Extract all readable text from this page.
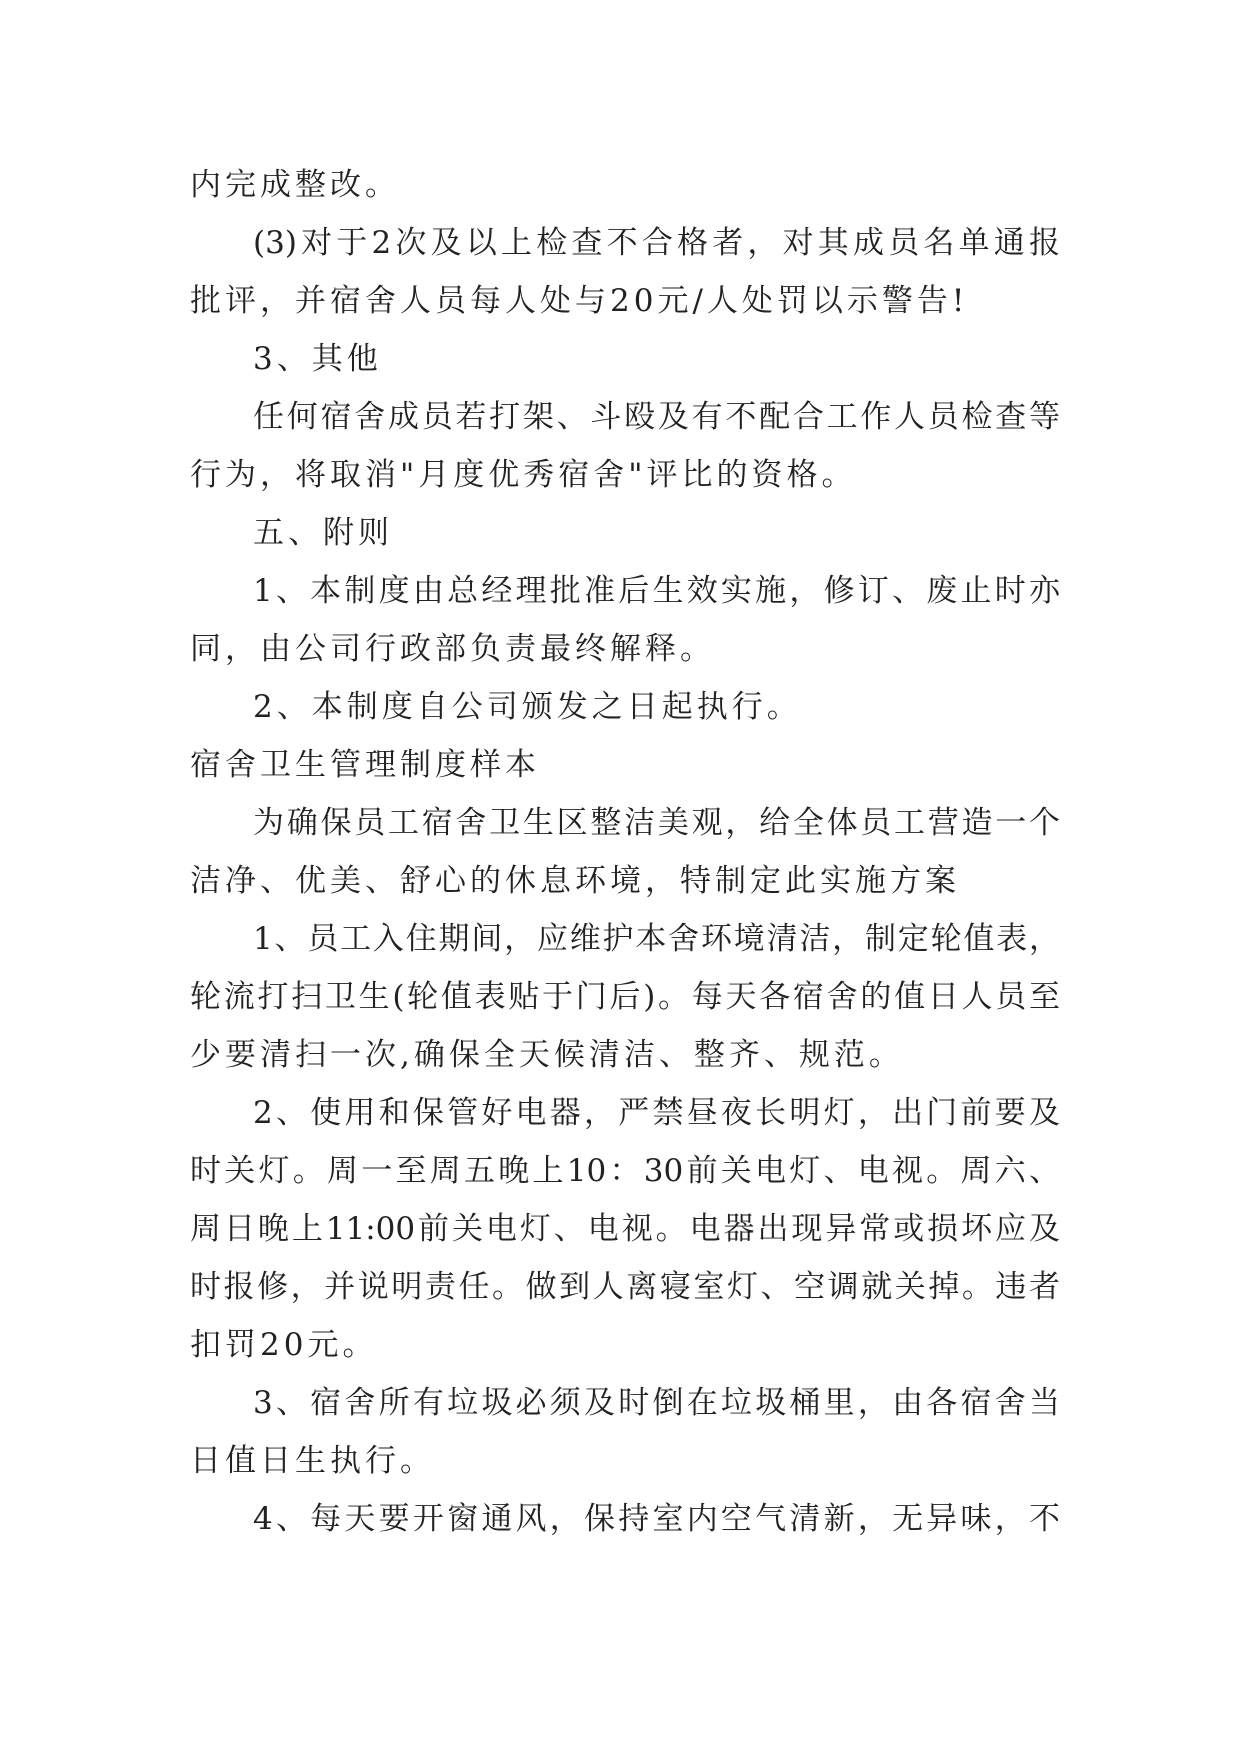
内完成整改。
(3)对于2次及以上检查不合格者，对其成员名单通报
批评，并宿舍人员每人处与20元/人处罚以示警告!
3、其他
任何宿舍成员若打架、斗殴及有不配合工作人员检查等
行为，将取消"月度优秀宿舍"评比的资格。
五、附则
1、本制度由总经理批准后生效实施，修订、废止时亦
同，由公司行政部负责最终解释。
2、本制度自公司颁发之日起执行。
宿舍卫生管理制度样本
为确保员工宿舍卫生区整洁美观，给全体员工营造一个
洁净、优美、舒心的休息环境，特制定此实施方案
1、员工入住期间，应维护本舍环境清洁，制定轮值表，
轮流打扫卫生(轮值表贴于门后)。每天各宿舍的值日人员至
少要清扫一次,确保全天候清洁、整齐、规范。
2、使用和保管好电器，严禁昼夜长明灯，出门前要及
时关灯。周一至周五晚上10：30前关电灯、电视。周六、
周日晚上11:00前关电灯、电视。电器出现异常或损坏应及
时报修，并说明责任。做到人离寝室灯、空调就关掉。违者
扣罚20元。
3、宿舍所有垃圾必须及时倒在垃圾桶里，由各宿舍当
日值日生执行。
4、每天要开窗通风，保持室内空气清新，无异味，不
